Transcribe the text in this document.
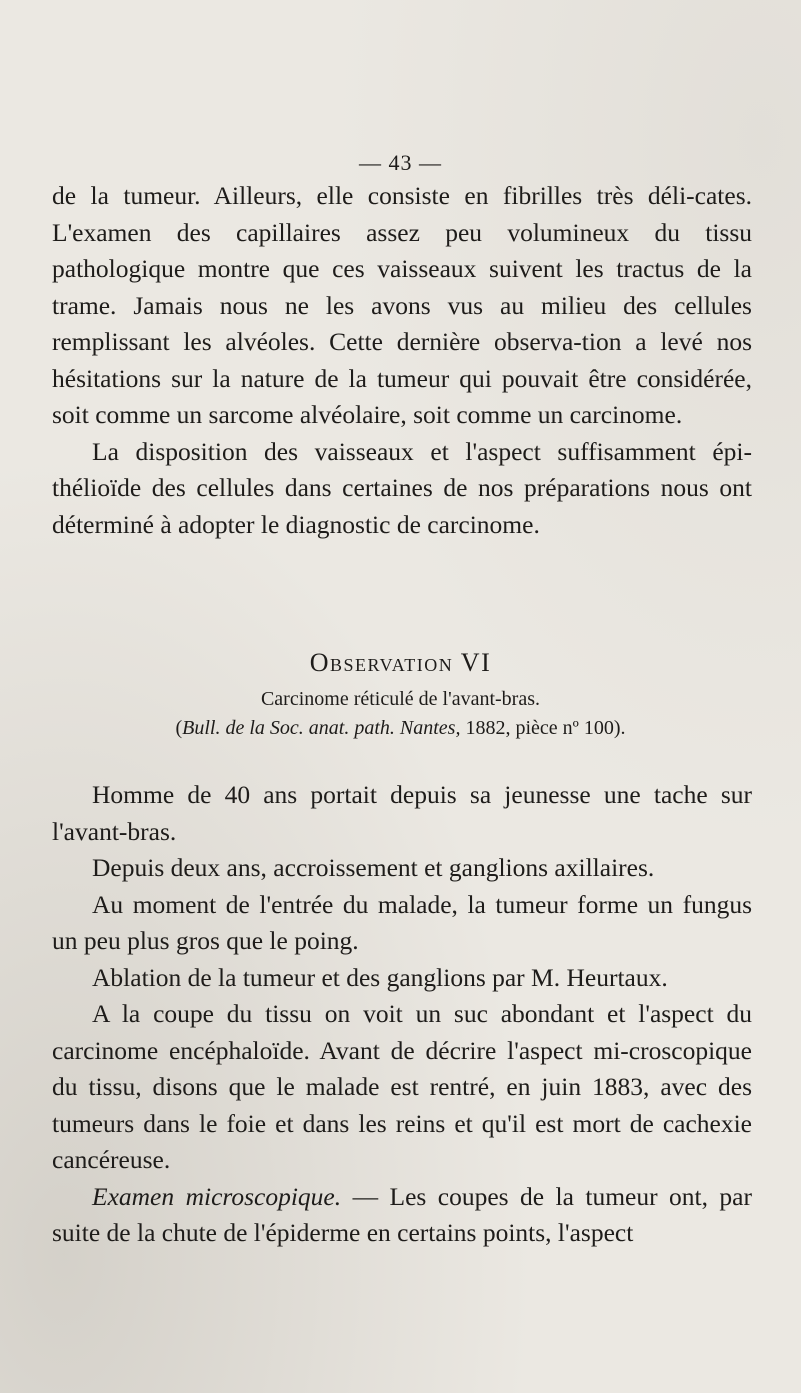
— 43 —

de la tumeur. Ailleurs, elle consiste en fibrilles très déli-cates. L'examen des capillaires assez peu volumineux du tissu pathologique montre que ces vaisseaux suivent les tractus de la trame. Jamais nous ne les avons vus au milieu des cellules remplissant les alvéoles. Cette dernière observa-tion a levé nos hésitations sur la nature de la tumeur qui pouvait être considérée, soit comme un sarcome alvéolaire, soit comme un carcinome.

La disposition des vaisseaux et l'aspect suffisamment épi-thélioïde des cellules dans certaines de nos préparations nous ont déterminé à adopter le diagnostic de carcinome.

Observation VI
Carcinome réticulé de l'avant-bras.
(Bull. de la Soc. anat. path. Nantes, 1882, pièce nº 100).

Homme de 40 ans portait depuis sa jeunesse une tache sur l'avant-bras.

Depuis deux ans, accroissement et ganglions axillaires.

Au moment de l'entrée du malade, la tumeur forme un fungus un peu plus gros que le poing.

Ablation de la tumeur et des ganglions par M. Heurtaux.

A la coupe du tissu on voit un suc abondant et l'aspect du carcinome encéphaloïde. Avant de décrire l'aspect mi-croscopique du tissu, disons que le malade est rentré, en juin 1883, avec des tumeurs dans le foie et dans les reins et qu'il est mort de cachexie cancéreuse.

Examen microscopique. — Les coupes de la tumeur ont, par suite de la chute de l'épiderme en certains points, l'aspect
